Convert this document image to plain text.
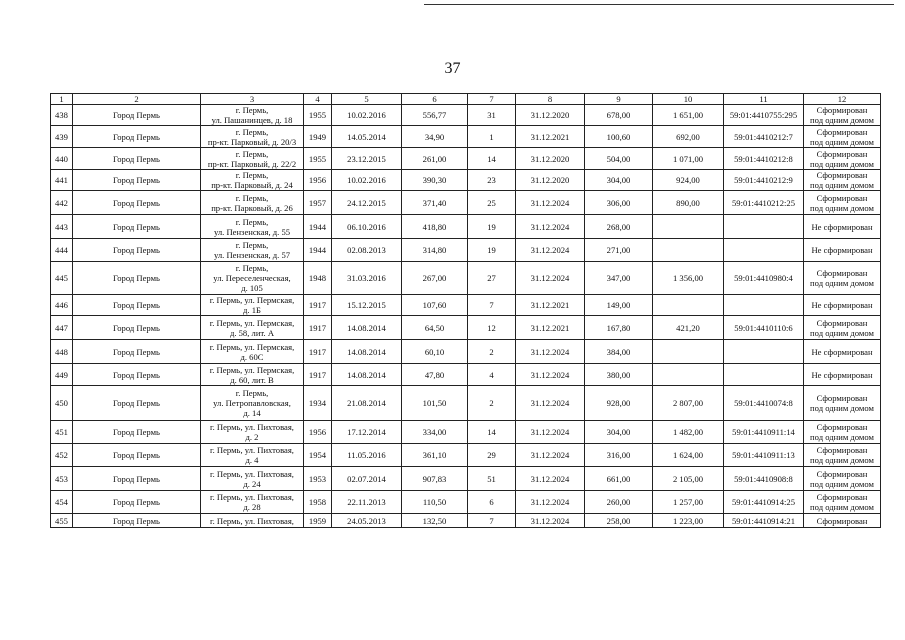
37
1	2	3	4	5	6	7	8	9	10	11	12
438	Город Пермь	г. Пермь,
ул. Пашанинцев, д. 18	1955	10.02.2016	556,77	31	31.12.2020	678,00	1 651,00	59:01:4410755:295	Сформирован
под одним домом

439	Город Пермь	г. Пермь,
пр-кт. Парковый, д. 20/3	1949	14.05.2014	34,90	1	31.12.2021	100,60	692,00	59:01:4410212:7	Сформирован
под одним домом

440	Город Пермь	г. Пермь,
пр-кт. Парковый, д. 22/2	1955	23.12.2015	261,00	14	31.12.2020	504,00	1 071,00	59:01:4410212:8	Сформирован
под одним домом

441	Город Пермь	г. Пермь,
пр-кт. Парковый, д. 24	1956	10.02.2016	390,30	23	31.12.2020	304,00	924,00	59:01:4410212:9	Сформирован
под одним домом

442	Город Пермь	г. Пермь,
пр-кт. Парковый, д. 26	1957	24.12.2015	371,40	25	31.12.2024	306,00	890,00	59:01:4410212:25	Сформирован
под одним домом

443	Город Пермь	г. Пермь,
ул. Пензенская, д. 55	1944	06.10.2016	418,80	19	31.12.2024	268,00			Не сформирован

444	Город Пермь	г. Пермь,
ул. Пензенская, д. 57	1944	02.08.2013	314,80	19	31.12.2024	271,00			Не сформирован

445	Город Пермь	г. Пермь,
ул. Переселенческая,
д. 105	1948	31.03.2016	267,00	27	31.12.2024	347,00	1 356,00	59:01:4410980:4	Сформирован
под одним домом

446	Город Пермь	г. Пермь, ул. Пермская,
д. 1Б	1917	15.12.2015	107,60	7	31.12.2021	149,00			Не сформирован

447	Город Пермь	г. Пермь, ул. Пермская,
д. 58, лит. А	1917	14.08.2014	64,50	12	31.12.2021	167,80	421,20	59:01:4410110:6	Сформирован
под одним домом

448	Город Пермь	г. Пермь, ул. Пермская,
д. 60С	1917	14.08.2014	60,10	2	31.12.2024	384,00			Не сформирован

449	Город Пермь	г. Пермь, ул. Пермская,
д. 60, лит. В	1917	14.08.2014	47,80	4	31.12.2024	380,00			Не сформирован

450	Город Пермь	г. Пермь,
ул. Петропавловская,
д. 14	1934	21.08.2014	101,50	2	31.12.2024	928,00	2 807,00	59:01:4410074:8	Сформирован
под одним домом

451	Город Пермь	г. Пермь, ул. Пихтовая,
д. 2	1956	17.12.2014	334,00	14	31.12.2024	304,00	1 482,00	59:01:4410911:14	Сформирован
под одним домом

452	Город Пермь	г. Пермь, ул. Пихтовая,
д. 4	1954	11.05.2016	361,10	29	31.12.2024	316,00	1 624,00	59:01:4410911:13	Сформирован
под одним домом

453	Город Пермь	г. Пермь, ул. Пихтовая,
д. 24	1953	02.07.2014	907,83	51	31.12.2024	661,00	2 105,00	59:01:4410908:8	Сформирован
под одним домом

454	Город Пермь	г. Пермь, ул. Пихтовая,
д. 28	1958	22.11.2013	110,50	6	31.12.2024	260,00	1 257,00	59:01:4410914:25	Сформирован
под одним домом

455	Город Пермь	г. Пермь, ул. Пихтовая,	1959	24.05.2013	132,50	7	31.12.2024	258,00	1 223,00	59:01:4410914:21	Сформирован
